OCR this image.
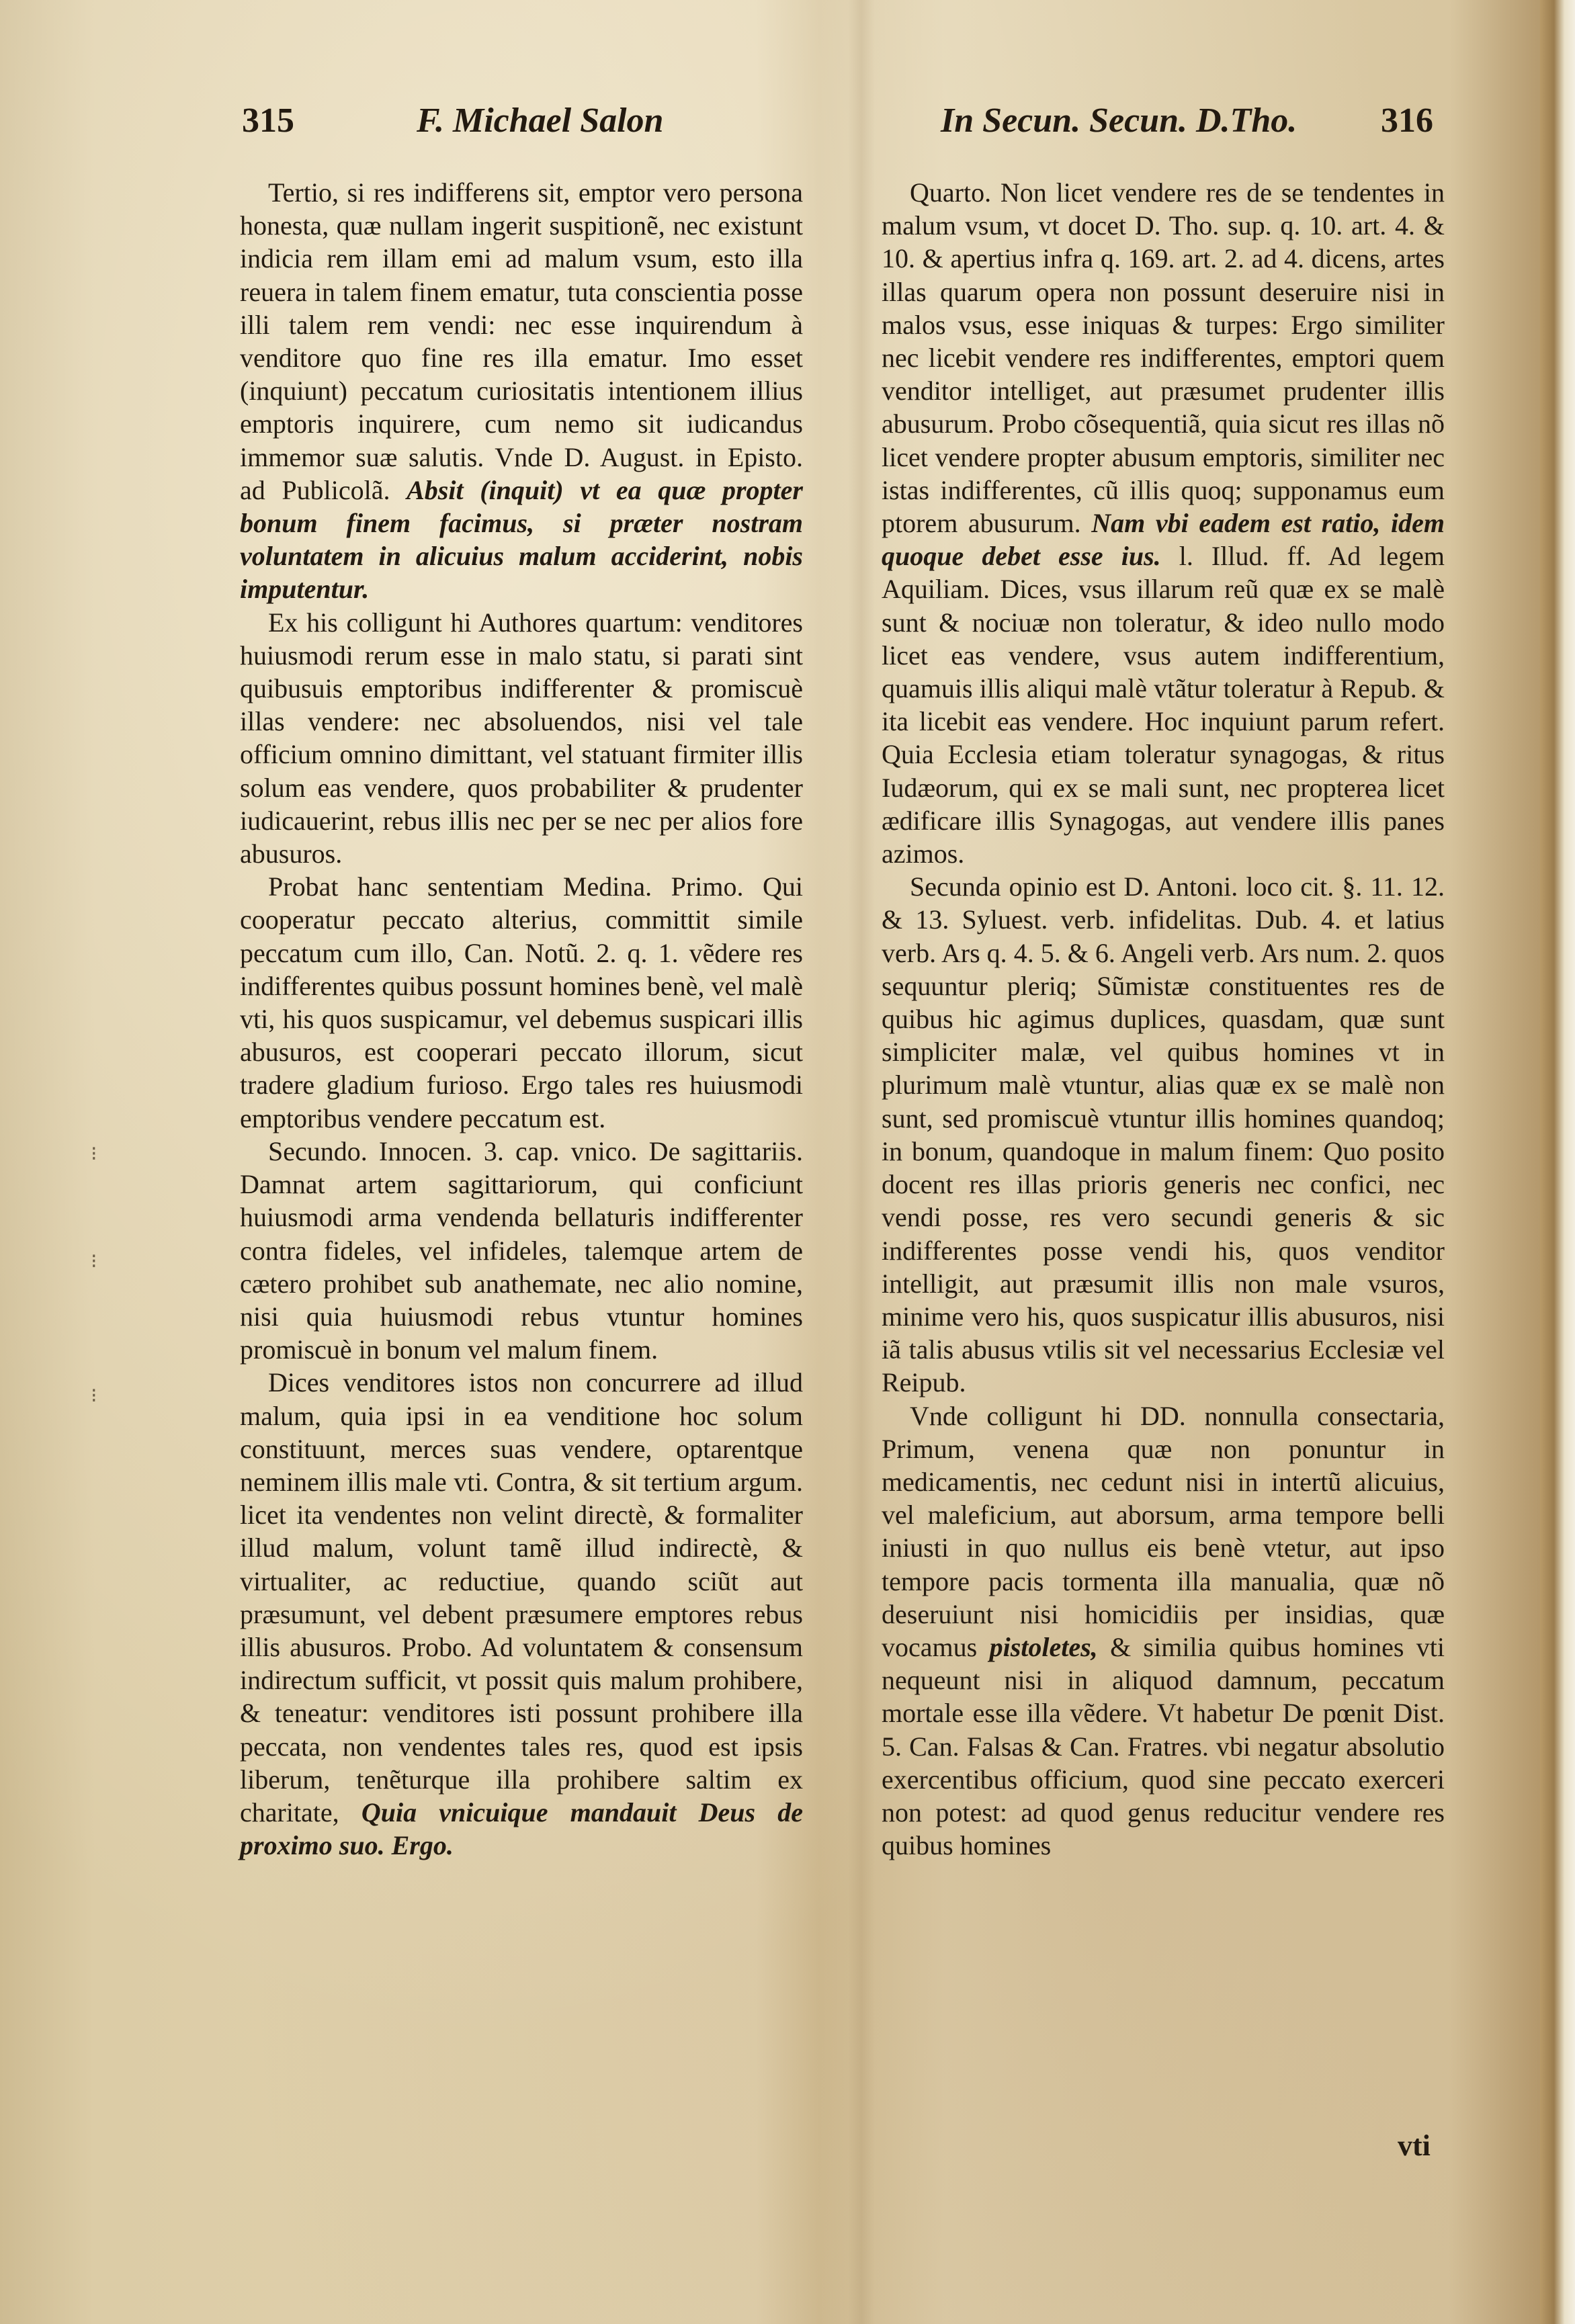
315	F. Michael Salon	In Secun. Secun. D.Tho. 316

Tertio, si res indifferens sit, emptor vero persona honesta, quæ nullam ingerit suspitionẽ, nec existunt indicia rem illam emi ad malum vsum, esto illa reuera in talem finem ematur, tuta conscientia posse illi talem rem vendi: nec esse inquirendum à venditore quo fine res illa ematur. Imo esset (inquiunt) peccatum curiositatis intentionem illius emptoris inquirere, cum nemo sit iudicandus immemor suæ salutis. Vnde D. August. in Episto. ad Publicolã. Absit (inquit) vt ea quæ propter bonum finem facimus, si præter nostram voluntatem in alicuius malum acciderint, nobis imputentur.

Ex his colligunt hi Authores quartum: venditores huiusmodi rerum esse in malo statu, si parati sint quibusuis emptoribus indifferenter & promiscuè illas vendere: nec absoluendos, nisi vel tale officium omnino dimittant, vel statuant firmiter illis solum eas vendere, quos probabiliter & prudenter iudicauerint, rebus illis nec per se nec per alios fore abusuros.

Probat hanc sententiam Medina. Primo. Qui cooperatur peccato alterius, committit simile peccatum cum illo, Can. Notũ. 2. q. 1. vẽdere res indifferentes quibus possunt homines benè, vel malè vti, his quos suspicamur, vel debemus suspicari illis abusuros, est cooperari peccato illorum, sicut tradere gladium furioso. Ergo tales res huiusmodi emptoribus vendere peccatum est.

Secundo. Innocen. 3. cap. vnico. De sagittariis. Damnat artem sagittariorum, qui conficiunt huiusmodi arma vendenda bellaturis indifferenter contra fideles, vel infideles, talemque artem de cætero prohibet sub anathemate, nec alio nomine, nisi quia huiusmodi rebus vtuntur homines promiscuè in bonum vel malum finem.

Dices venditores istos non concurrere ad illud malum, quia ipsi in ea venditione hoc solum constituunt, merces suas vendere, optarentque neminem illis male vti. Contra, & sit tertium argum. licet ita vendentes non velint directè, & formaliter illud malum, volunt tamẽ illud indirectè, & virtualiter, ac reductiue, quando sciũt aut præsumunt, vel debent præsumere emptores rebus illis abusuros. Probo. Ad voluntatem & consensum indirectum sufficit, vt possit quis malum prohibere, & teneatur: venditores isti possunt prohibere illa peccata, non vendentes tales res, quod est ipsis liberum, tenẽturque illa prohibere saltim ex charitate, Quia vnicuique mandauit Deus de proximo suo. Ergo.

Quarto. Non licet vendere res de se tendentes in malum vsum, vt docet D. Tho. sup. q. 10. art. 4. & 10. & apertius infra q. 169. art. 2. ad 4. dicens, artes illas quarum opera non possunt deseruire nisi in malos vsus, esse iniquas & turpes: Ergo similiter nec licebit vendere res indifferentes, emptori quem venditor intelliget, aut præsumet prudenter illis abusurum. Probo cõsequentiã, quia sicut res illas nõ licet vendere propter abusum emptoris, similiter nec istas indifferentes, cũ illis quoq; supponamus eum ptorem abusurum. Nam vbi eadem est ratio, idem quoque debet esse ius. l. Illud. ff. Ad legem Aquiliam. Dices, vsus illarum reũ quæ ex se malè sunt & nociuæ non toleratur, & ideo nullo modo licet eas vendere, vsus autem indifferentium, quamuis illis aliqui malè vtãtur toleratur à Repub. & ita licebit eas vendere. Hoc inquiunt parum refert. Quia Ecclesia etiam toleratur synagogas, & ritus Iudæorum, qui ex se mali sunt, nec propterea licet ædificare illis Synagogas, aut vendere illis panes azimos.

Secunda opinio est D. Antoni. loco cit. §. 11. 12. & 13. Syluest. verb. infidelitas. Dub. 4. et latius verb. Ars q. 4. 5. & 6. Angeli verb. Ars num. 2. quos sequuntur pleriq; Sũmistæ constituentes res de quibus hic agimus duplices, quasdam, quæ sunt simpliciter malæ, vel quibus homines vt in plurimum malè vtuntur, alias quæ ex se malè non sunt, sed promiscuè vtuntur illis homines quandoq; in bonum, quandoque in malum finem: Quo posito docent res illas prioris generis nec confici, nec vendi posse, res vero secundi generis & sic indifferentes posse vendi his, quos venditor intelligit, aut præsumit illis non male vsuros, minime vero his, quos suspicatur illis abusuros, nisi iã talis abusus vtilis sit vel necessarius Ecclesiæ vel Reipub.

Vnde colligunt hi DD. nonnulla consectaria, Primum, venena quæ non ponuntur in medicamentis, nec cedunt nisi in intertũ alicuius, vel maleficium, aut aborsum, arma tempore belli iniusti in quo nullus eis benè vtetur, aut ipso tempore pacis tormenta illa manualia, quæ nõ deseruiunt nisi homicidiis per insidias, quæ vocamus pistoletes, & similia quibus homines vti nequeunt nisi in aliquod damnum, peccatum mortale esse illa vẽdere. Vt habetur De pœnit Dist. 5. Can. Falsas & Can. Fratres. vbi negatur absolutio exercentibus officium, quod sine peccato exerceri non potest: ad quod genus reducitur vendere res quibus homines

vti
⁝
⁝
⁝
